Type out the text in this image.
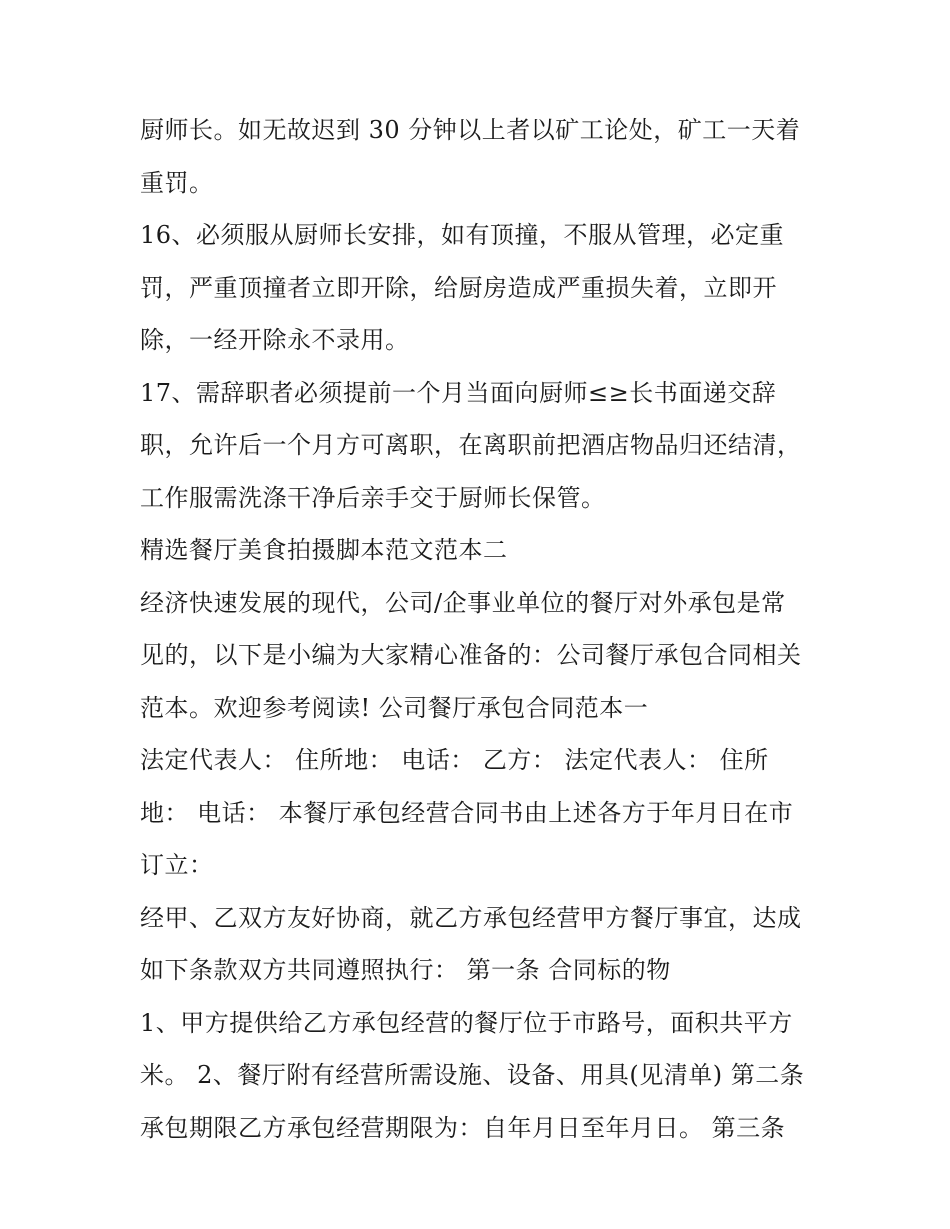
厨师长。如无故迟到 30 分钟以上者以矿工论处，矿工一天着
重罚。
16、必须服从厨师长安排，如有顶撞，不服从管理，必定重
罚，严重顶撞者立即开除，给厨房造成严重损失着，立即开
除，一经开除永不录用。
17、需辞职者必须提前一个月当面向厨师≤≥长书面递交辞
职，允许后一个月方可离职，在离职前把酒店物品归还结清，
工作服需洗涤干净后亲手交于厨师长保管。
精选餐厅美食拍摄脚本范文范本二
经济快速发展的现代，公司/企事业单位的餐厅对外承包是常
见的，以下是小编为大家精心准备的：公司餐厅承包合同相关
范本。欢迎参考阅读! 公司餐厅承包合同范本一
法定代表人： 住所地： 电话： 乙方： 法定代表人： 住所
地： 电话： 本餐厅承包经营合同书由上述各方于年月日在市
订立：
经甲、乙双方友好协商，就乙方承包经营甲方餐厅事宜，达成
如下条款双方共同遵照执行： 第一条 合同标的物
1、甲方提供给乙方承包经营的餐厅位于市路号，面积共平方
米。 2、餐厅附有经营所需设施、设备、用具(见清单) 第二条
承包期限乙方承包经营期限为：自年月日至年月日。 第三条
